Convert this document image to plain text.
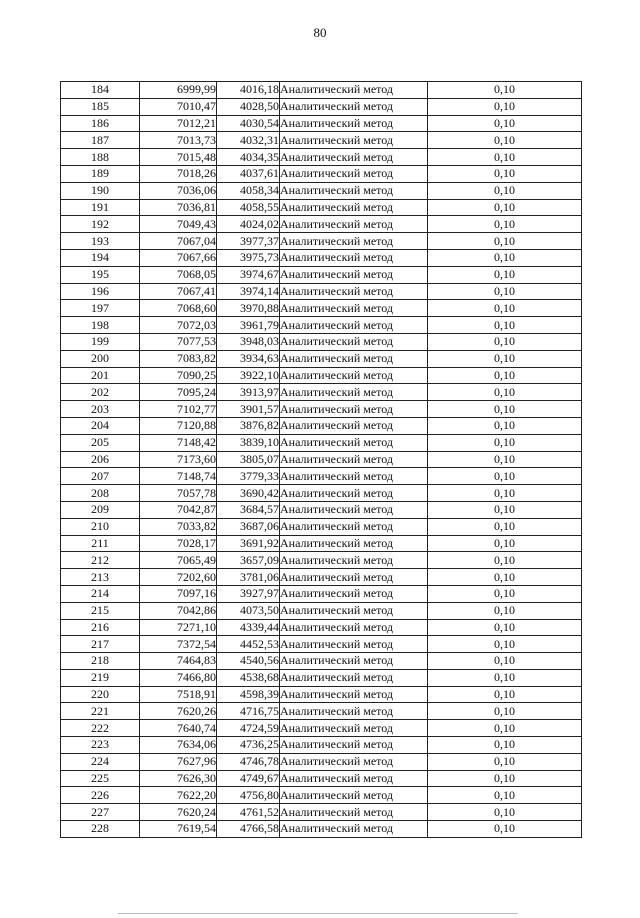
80
184	6999,99	4016,18	Аналитический метод	0,10
185	7010,47	4028,50	Аналитический метод	0,10
186	7012,21	4030,54	Аналитический метод	0,10
187	7013,73	4032,31	Аналитический метод	0,10
188	7015,48	4034,35	Аналитический метод	0,10
189	7018,26	4037,61	Аналитический метод	0,10
190	7036,06	4058,34	Аналитический метод	0,10
191	7036,81	4058,55	Аналитический метод	0,10
192	7049,43	4024,02	Аналитический метод	0,10
193	7067,04	3977,37	Аналитический метод	0,10
194	7067,66	3975,73	Аналитический метод	0,10
195	7068,05	3974,67	Аналитический метод	0,10
196	7067,41	3974,14	Аналитический метод	0,10
197	7068,60	3970,88	Аналитический метод	0,10
198	7072,03	3961,79	Аналитический метод	0,10
199	7077,53	3948,03	Аналитический метод	0,10
200	7083,82	3934,63	Аналитический метод	0,10
201	7090,25	3922,10	Аналитический метод	0,10
202	7095,24	3913,97	Аналитический метод	0,10
203	7102,77	3901,57	Аналитический метод	0,10
204	7120,88	3876,82	Аналитический метод	0,10
205	7148,42	3839,10	Аналитический метод	0,10
206	7173,60	3805,07	Аналитический метод	0,10
207	7148,74	3779,33	Аналитический метод	0,10
208	7057,78	3690,42	Аналитический метод	0,10
209	7042,87	3684,57	Аналитический метод	0,10
210	7033,82	3687,06	Аналитический метод	0,10
211	7028,17	3691,92	Аналитический метод	0,10
212	7065,49	3657,09	Аналитический метод	0,10
213	7202,60	3781,06	Аналитический метод	0,10
214	7097,16	3927,97	Аналитический метод	0,10
215	7042,86	4073,50	Аналитический метод	0,10
216	7271,10	4339,44	Аналитический метод	0,10
217	7372,54	4452,53	Аналитический метод	0,10
218	7464,83	4540,56	Аналитический метод	0,10
219	7466,80	4538,68	Аналитический метод	0,10
220	7518,91	4598,39	Аналитический метод	0,10
221	7620,26	4716,75	Аналитический метод	0,10
222	7640,74	4724,59	Аналитический метод	0,10
223	7634,06	4736,25	Аналитический метод	0,10
224	7627,96	4746,78	Аналитический метод	0,10
225	7626,30	4749,67	Аналитический метод	0,10
226	7622,20	4756,80	Аналитический метод	0,10
227	7620,24	4761,52	Аналитический метод	0,10
228	7619,54	4766,58	Аналитический метод	0,10
